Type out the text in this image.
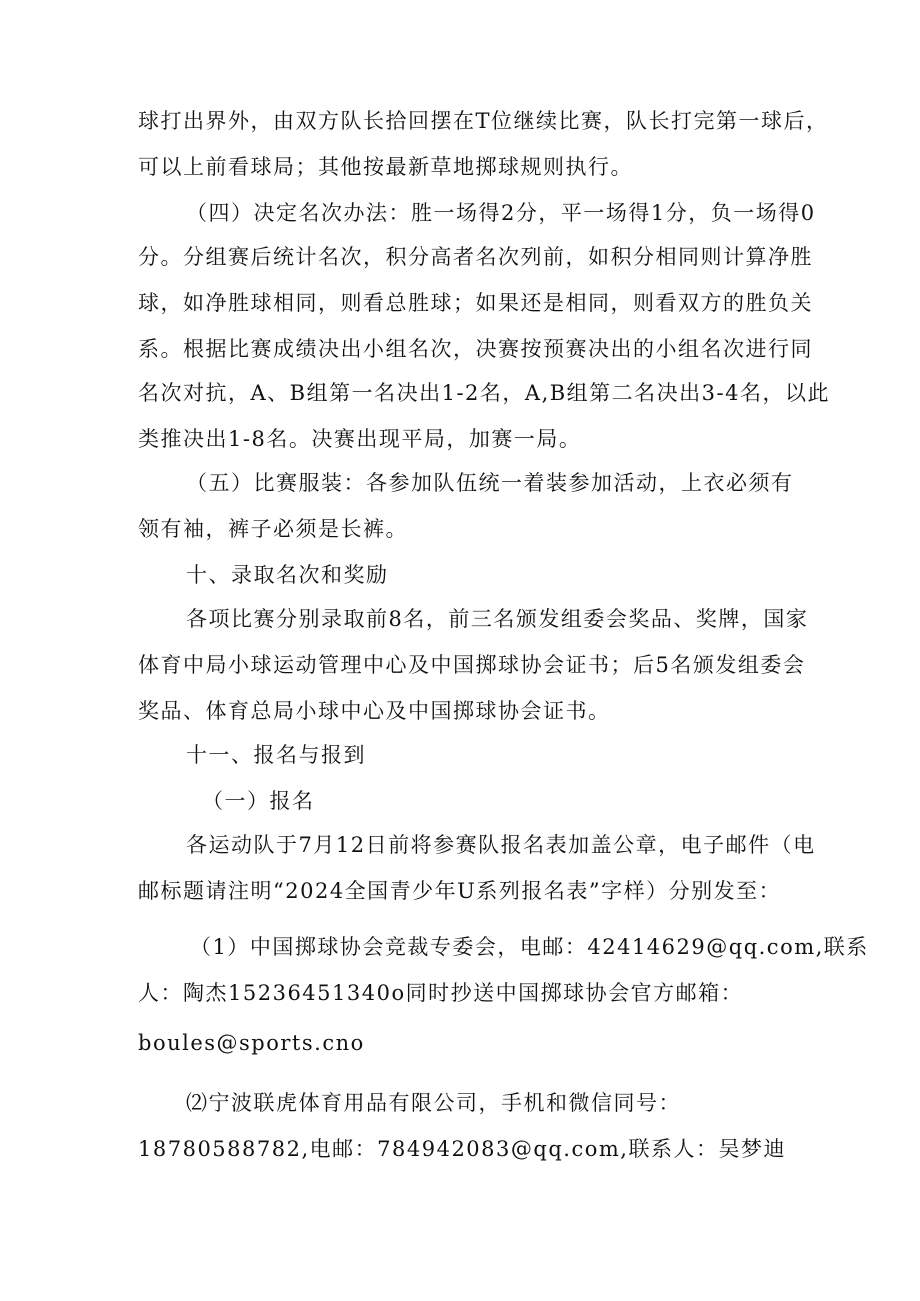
球打出界外，由双方队长拾回摆在T位继续比赛，队长打完第一球后，
可以上前看球局；其他按最新草地掷球规则执行。
（四）决定名次办法：胜一场得2分，平一场得1分，负一场得0
分。分组赛后统计名次，积分高者名次列前，如积分相同则计算净胜
球，如净胜球相同，则看总胜球；如果还是相同，则看双方的胜负关
系。根据比赛成绩决出小组名次，决赛按预赛决出的小组名次进行同
名次对抗，A、B组第一名决出1-2名，A,B组第二名决出3-4名，以此
类推决出1-8名。决赛出现平局，加赛一局。
（五）比赛服装：各参加队伍统一着装参加活动，上衣必须有
领有袖，裤子必须是长裤。
十、录取名次和奖励
各项比赛分别录取前8名，前三名颁发组委会奖品、奖牌，国家
体育中局小球运动管理中心及中国掷球协会证书；后5名颁发组委会
奖品、体育总局小球中心及中国掷球协会证书。
十一、报名与报到
（一）报名
各运动队于7月12日前将参赛队报名表加盖公章，电子邮件（电
邮标题请注明“2024全国青少年U系列报名表”字样）分别发至：
（1）中国掷球协会竞裁专委会，电邮：42414629@qq.com,联系
人：陶杰15236451340o同时抄送中国掷球协会官方邮箱：
boules@sports.cno
⑵宁波联虎体育用品有限公司，手机和微信同号：
18780588782,电邮：784942083@qq.com,联系人：吴梦迪
